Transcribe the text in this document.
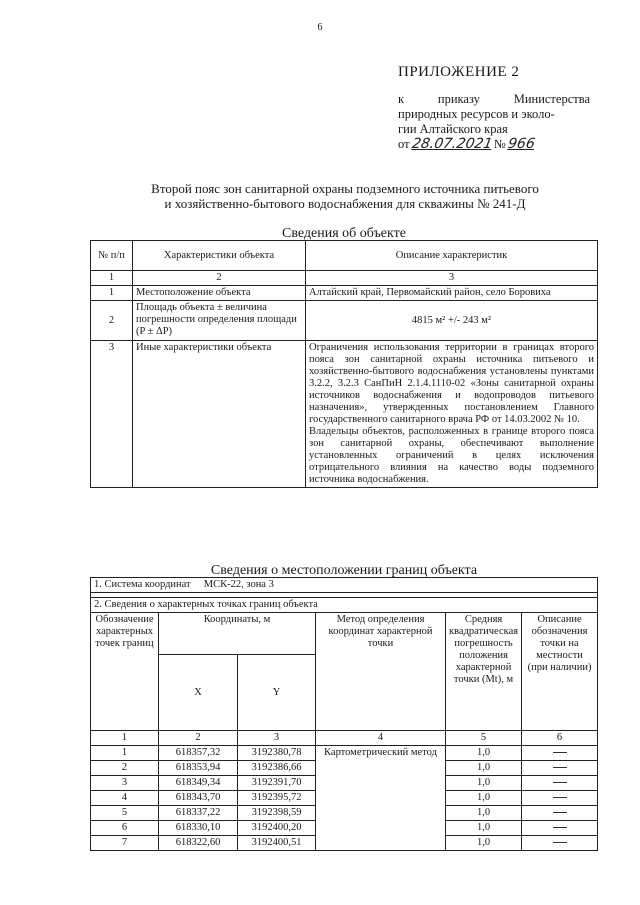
6
ПРИЛОЖЕНИЕ 2
к	приказу	Министерства
природных ресурсов и эколо-
гии Алтайского края
от 28.07.2021 № 966
Второй пояс зон санитарной охраны подземного источника питьевого
и хозяйственно-бытового водоснабжения для скважины № 241-Д
Сведения об объекте
№ п/п	Характеристики объекта	Описание характеристик
1	2	3
1	Местоположение объекта	Алтайский край, Первомайский район, село Боровиха
2	Площадь объекта ± величина погрешности определения площади (P ± ΔP)	4815 м² +/- 243 м²
3	Иные характеристики объекта	Ограничения использования территории в границах второго пояса зон санитарной охраны источника питьевого и хозяйственно-бытового водоснабжения установлены пунктами 3.2.2, 3.2.3 СанПиН 2.1.4.1110-02 «Зоны санитарной охраны источников водоснабжения и водопроводов питьевого назначения», утвержденных постановлением Главного государственного санитарного врача РФ от 14.03.2002 № 10.
Владельцы объектов, расположенных в границе второго пояса зон санитарной охраны, обеспечивают выполнение установленных ограничений в целях исключения отрицательного влияния на качество воды подземного источника водоснабжения.
Сведения о местоположении границ объекта
1. Система координат МСК-22, зона 3					

2. Сведения о характерных точках границ объекта					
Обозначение характерных точек границ	Координаты, м		Метод определения координат характерной точки	Средняя квадратическая погрешность положения характерной точки (Mt), м	Описание обозначения точки на местности (при наличии)
	X	Y			
1	2	3	4	5	6
1	618357,32	3192380,78	Картометрический метод	1,0	
2	618353,94	3192386,66		1,0	
3	618349,34	3192391,70		1,0	
4	618343,70	3192395,72		1,0	
5	618337,22	3192398,59		1,0	
6	618330,10	3192400,20		1,0	
7	618322,60	3192400,51		1,0	
